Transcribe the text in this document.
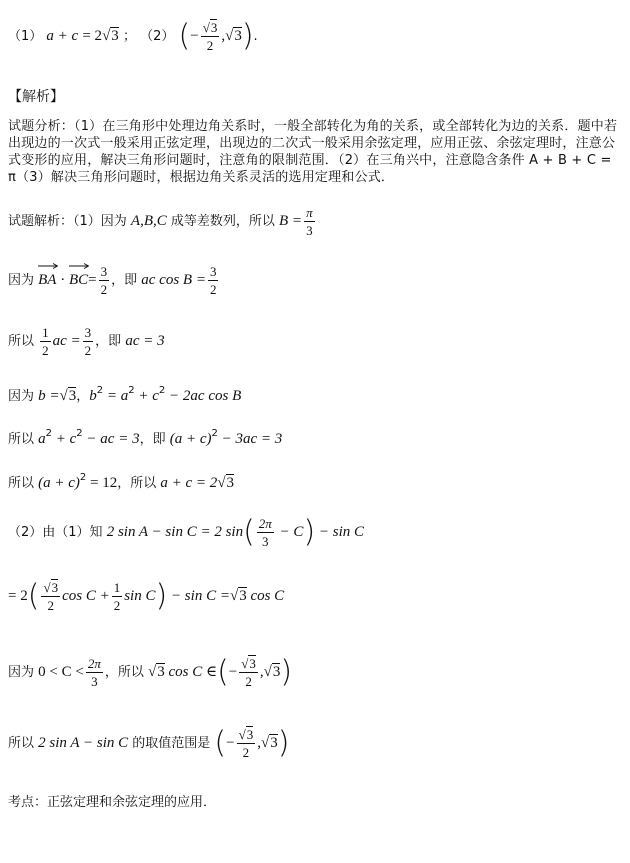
（1） a + c = 2√3 ； （2） (− $\frac{√3}{2} ,√3$).
【解析】
试题分析：（1）在三角形中处理边角关系时，一般全部转化为角的关系，或全部转化为边的关系．题中若出现边的一次式一般采用正弦定理，出现边的二次式一般采用余弦定理，应用正弦、余弦定理时，注意公式变形的应用，解决三角形问题时，注意角的限制范围．（2）在三角兴中，注意隐含条件 A + B + C = π（3）解决三角形问题时，根据边角关系灵活的选用定理和公式．
试题解析：（1）因为 A,B,C 成等差数列，所以 $B = \frac{\pi}{3}$
因为
BA ·
$BC= \frac{3}{2}$ ，即 ac $\cos B = \frac{3}{2}$
所以 $\frac{1}{2}$ ac = $\frac{3}{2}$ ，即 ac = 3
因为 b =√3，$b^2 = a^2 + c^2 - 2ac$ cos B
所以 $a^2 + c^2$ − ac = 3，即 $(a + c)^2 - 3ac = 3$
所以 $(a + c)^2 = 12$，所以 a + c = 2√3
（2）由（1）知 2 sin A − sin C = 2 $\sin( \frac{2\pi}{3} - C) - \sin C$
= $2( \frac{√3}{2}$ $\cos C + \frac{1}{2}$ sin C) − sin C =√3 cos C
因为 $0 < C < \frac{2\pi}{3}$ ，所以 √3 cos C ∈(− $\frac{√3}{2} ,√3$)
所以 2 sin A − sin C 的取值范围是 (− $\frac{√3}{2} ,√3$)
考点：正弦定理和余弦定理的应用．
